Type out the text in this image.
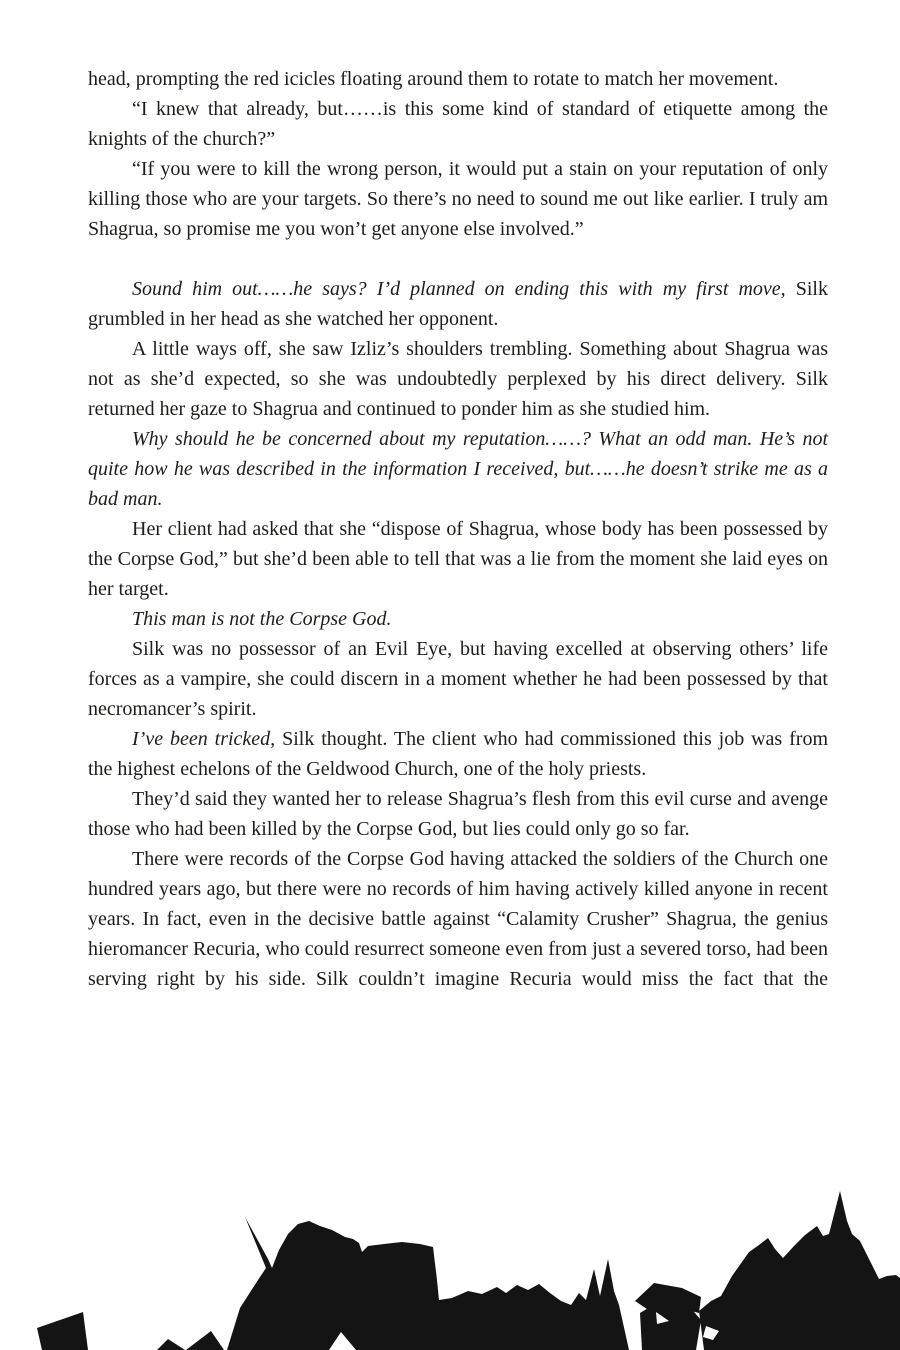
head, prompting the red icicles floating around them to rotate to match her movement.

“I knew that already, but……is this some kind of standard of etiquette among the knights of the church?”

“If you were to kill the wrong person, it would put a stain on your reputation of only killing those who are your targets. So there’s no need to sound me out like earlier. I truly am Shagrua, so promise me you won’t get anyone else involved.”

Sound him out……he says? I’d planned on ending this with my first move, Silk grumbled in her head as she watched her opponent.

A little ways off, she saw Izliz’s shoulders trembling. Something about Shagrua was not as she’d expected, so she was undoubtedly perplexed by his direct delivery. Silk returned her gaze to Shagrua and continued to ponder him as she studied him.

Why should he be concerned about my reputation……? What an odd man. He’s not quite how he was described in the information I received, but……he doesn’t strike me as a bad man.

Her client had asked that she “dispose of Shagrua, whose body has been possessed by the Corpse God,” but she’d been able to tell that was a lie from the moment she laid eyes on her target.

This man is not the Corpse God.

Silk was no possessor of an Evil Eye, but having excelled at observing others’ life forces as a vampire, she could discern in a moment whether he had been possessed by that necromancer’s spirit.

I’ve been tricked, Silk thought. The client who had commissioned this job was from the highest echelons of the Geldwood Church, one of the holy priests.

They’d said they wanted her to release Shagrua’s flesh from this evil curse and avenge those who had been killed by the Corpse God, but lies could only go so far.

There were records of the Corpse God having attacked the soldiers of the Church one hundred years ago, but there were no records of him having actively killed anyone in recent years. In fact, even in the decisive battle against “Calamity Crusher” Shagrua, the genius hieromancer Recuria, who could resurrect someone even from just a severed torso, had been serving right by his side. Silk couldn’t imagine Recuria would miss the fact that the
